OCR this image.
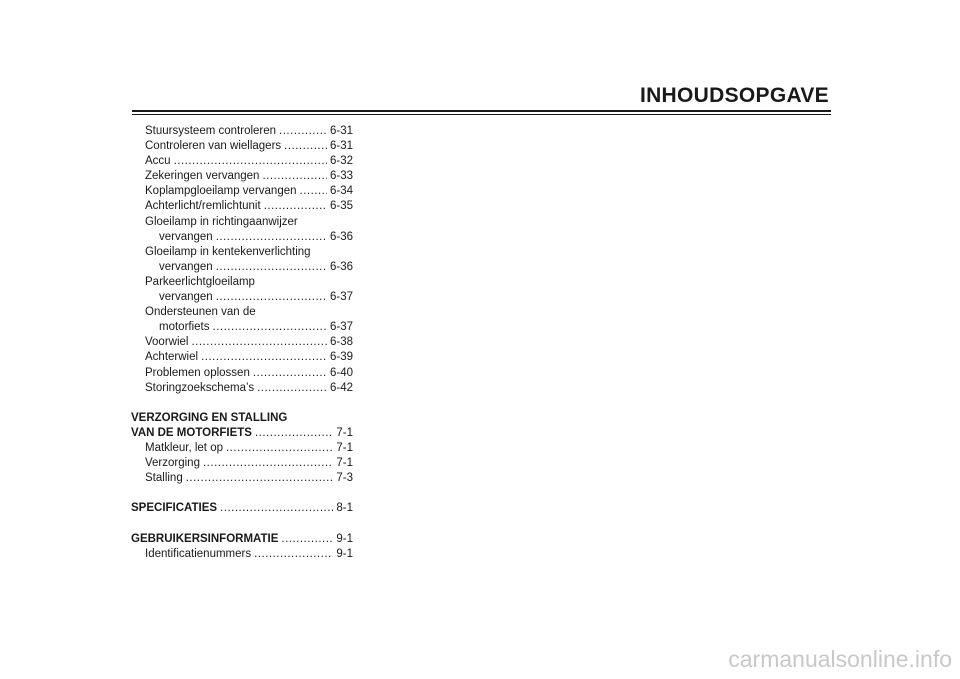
INHOUDSOPGAVE
Stuursysteem controleren .....	6-31
Controleren van wiellagers .....	6-31
Accu .....	6-32
Zekeringen vervangen .....	6-33
Koplampgloeilamp vervangen .....	6-34
Achterlicht/remlichtunit .....	6-35
Gloeilamp in richtingaanwijzer
vervangen .....	6-36
Gloeilamp in kentekenverlichting
vervangen .....	6-36
Parkeerlichtgloeilamp
vervangen .....	6-37
Ondersteunen van de
motorfiets .....	6-37
Voorwiel .....	6-38
Achterwiel .....	6-39
Problemen oplossen .....	6-40
Storingzoekschema’s .....	6-42
VERZORGING EN STALLING
VAN DE MOTORFIETS .....	7-1
Matkleur, let op .....	7-1
Verzorging .....	7-1
Stalling .....	7-3
SPECIFICATIES .....	8-1
GEBRUIKERSINFORMATIE .....	9-1
Identificatienummers .....	9-1
carmanualsonline.info
